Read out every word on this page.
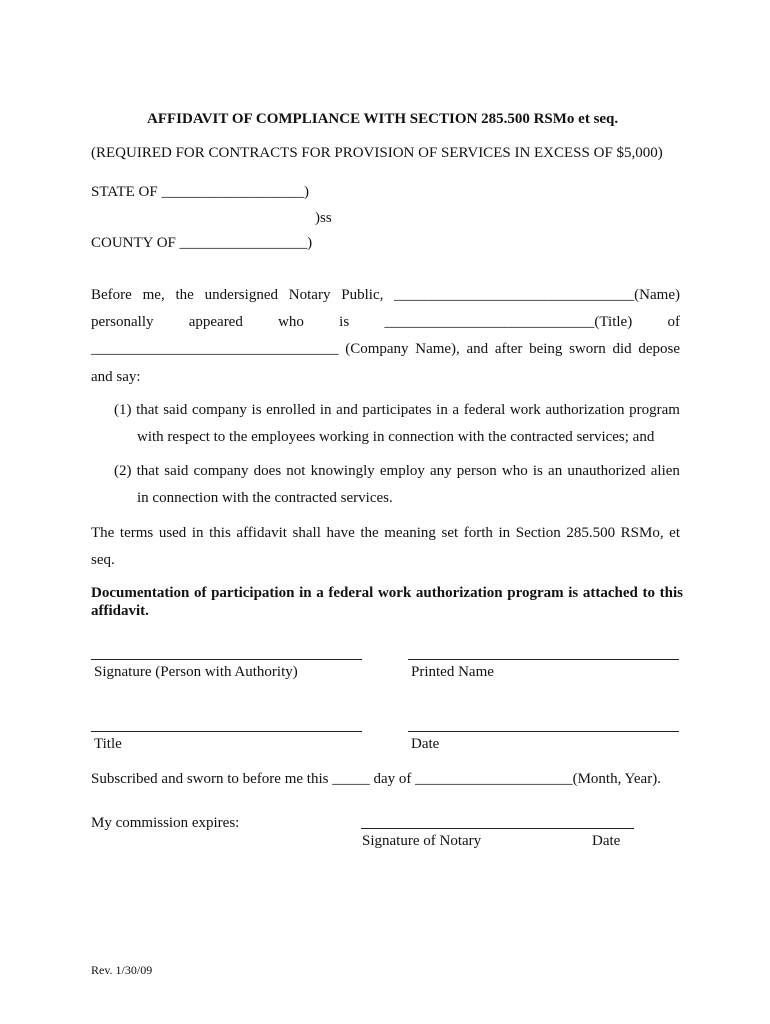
AFFIDAVIT OF COMPLIANCE WITH SECTION 285.500 RSMo et seq.
(REQUIRED FOR CONTRACTS FOR PROVISION OF SERVICES IN EXCESS OF $5,000)
STATE OF ___________________)
)ss
COUNTY OF _________________)
Before me, the undersigned Notary Public, ________________________________(Name)
personally appeared who is ____________________________(Title) of
_________________________________ (Company Name), and after being sworn did depose
and say:
(1) that said company is enrolled in and participates in a federal work authorization program
with respect to the employees working in connection with the contracted services; and
(2) that said company does not knowingly employ any person who is an unauthorized alien
in connection with the contracted services.
The terms used in this affidavit shall have the meaning set forth in Section 285.500 RSMo, et
seq.
Documentation of participation in a federal work authorization program is attached to this affidavit.
Signature (Person with Authority)	Printed Name
Title	Date
Subscribed and sworn to before me this _____ day of _____________________(Month, Year).
My commission expires:
Signature of Notary	Date
Rev. 1/30/09
